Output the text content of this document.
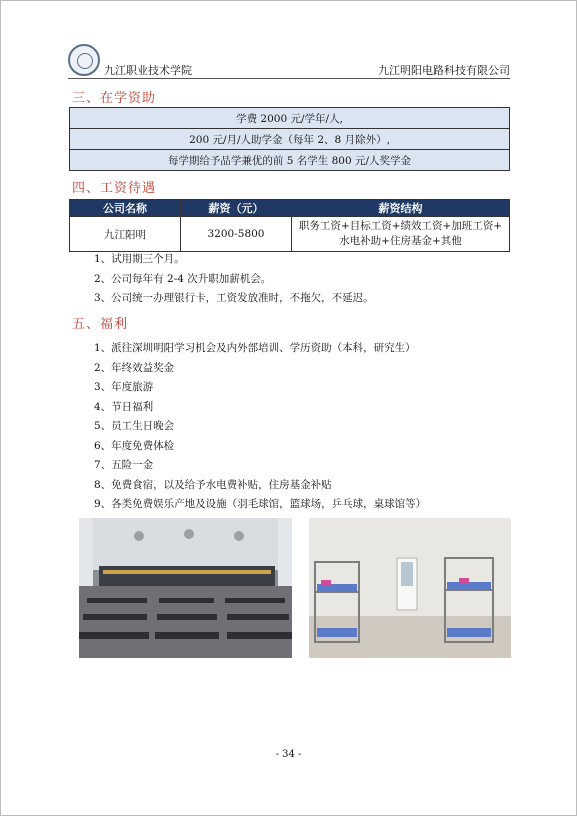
九江职业技术学院	九江明阳电路科技有限公司
三、在学资助
学费 2000 元/学年/人,
200 元/月/人助学金（每年 2、8 月除外）,
每学期给予品学兼优的前 5 名学生 800 元/人奖学金
四、工资待遇
公司名称	薪资（元）	薪资结构
九江阳明	3200-5800	职务工资+目标工资+绩效工资+加班工资+
水电补助+住房基金+其他
1、试用期三个月。
2、公司每年有 2-4 次升职加薪机会。
3、公司统一办理银行卡，工资发放准时，不拖欠，不延迟。
五、福利
1、派往深圳明阳学习机会及内外部培训、学历资助（本科，研究生）
2、年终效益奖金
3、年度旅游
4、节日福利
5、员工生日晚会
6、年度免费体检
7、五险一金
8、免费食宿，以及给予水电费补贴，住房基金补贴
9、各类免费娱乐产地及设施（羽毛球馆，篮球场，乒乓球，桌球馆等）
- 34 -
